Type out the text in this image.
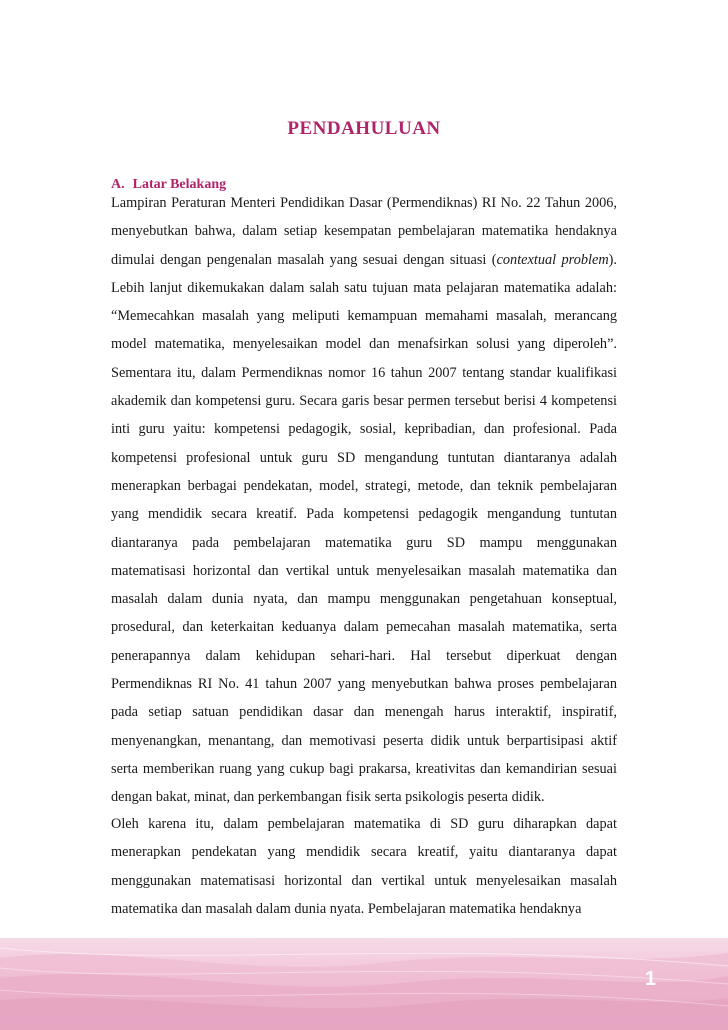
PENDAHULUAN
A. Latar Belakang

Lampiran Peraturan Menteri Pendidikan Dasar (Permendiknas) RI No. 22 Tahun 2006, menyebutkan bahwa, dalam setiap kesempatan pembelajaran matematika hendaknya dimulai dengan pengenalan masalah yang sesuai dengan situasi (contextual problem). Lebih lanjut dikemukakan dalam salah satu tujuan mata pelajaran matematika adalah: “Memecahkan masalah yang meliputi kemampuan memahami masalah, merancang model matematika, menyelesaikan model dan menafsirkan solusi yang diperoleh”. Sementara itu, dalam Permendiknas nomor 16 tahun 2007 tentang standar kualifikasi akademik dan kompetensi guru. Secara garis besar permen tersebut berisi 4 kompetensi inti guru yaitu: kompetensi pedagogik, sosial, kepribadian, dan profesional. Pada kompetensi profesional untuk guru SD mengandung tuntutan diantaranya adalah menerapkan berbagai pendekatan, model, strategi, metode, dan teknik pembelajaran yang mendidik secara kreatif. Pada kompetensi pedagogik mengandung tuntutan diantaranya pada pembelajaran matematika guru SD mampu menggunakan matematisasi horizontal dan vertikal untuk menyelesaikan masalah matematika dan masalah dalam dunia nyata, dan mampu menggunakan pengetahuan konseptual, prosedural, dan keterkaitan keduanya dalam pemecahan masalah matematika, serta penerapannya dalam kehidupan sehari-hari. Hal tersebut diperkuat dengan Permendiknas RI No. 41 tahun 2007 yang menyebutkan bahwa proses pembelajaran pada setiap satuan pendidikan dasar dan menengah harus interaktif, inspiratif, menyenangkan, menantang, dan memotivasi peserta didik untuk berpartisipasi aktif serta memberikan ruang yang cukup bagi prakarsa, kreativitas dan kemandirian sesuai dengan bakat, minat, dan perkembangan fisik serta psikologis peserta didik.

Oleh karena itu, dalam pembelajaran matematika di SD guru diharapkan dapat menerapkan pendekatan yang mendidik secara kreatif, yaitu diantaranya dapat menggunakan matematisasi horizontal dan vertikal untuk menyelesaikan masalah matematika dan masalah dalam dunia nyata. Pembelajaran matematika hendaknya

1
